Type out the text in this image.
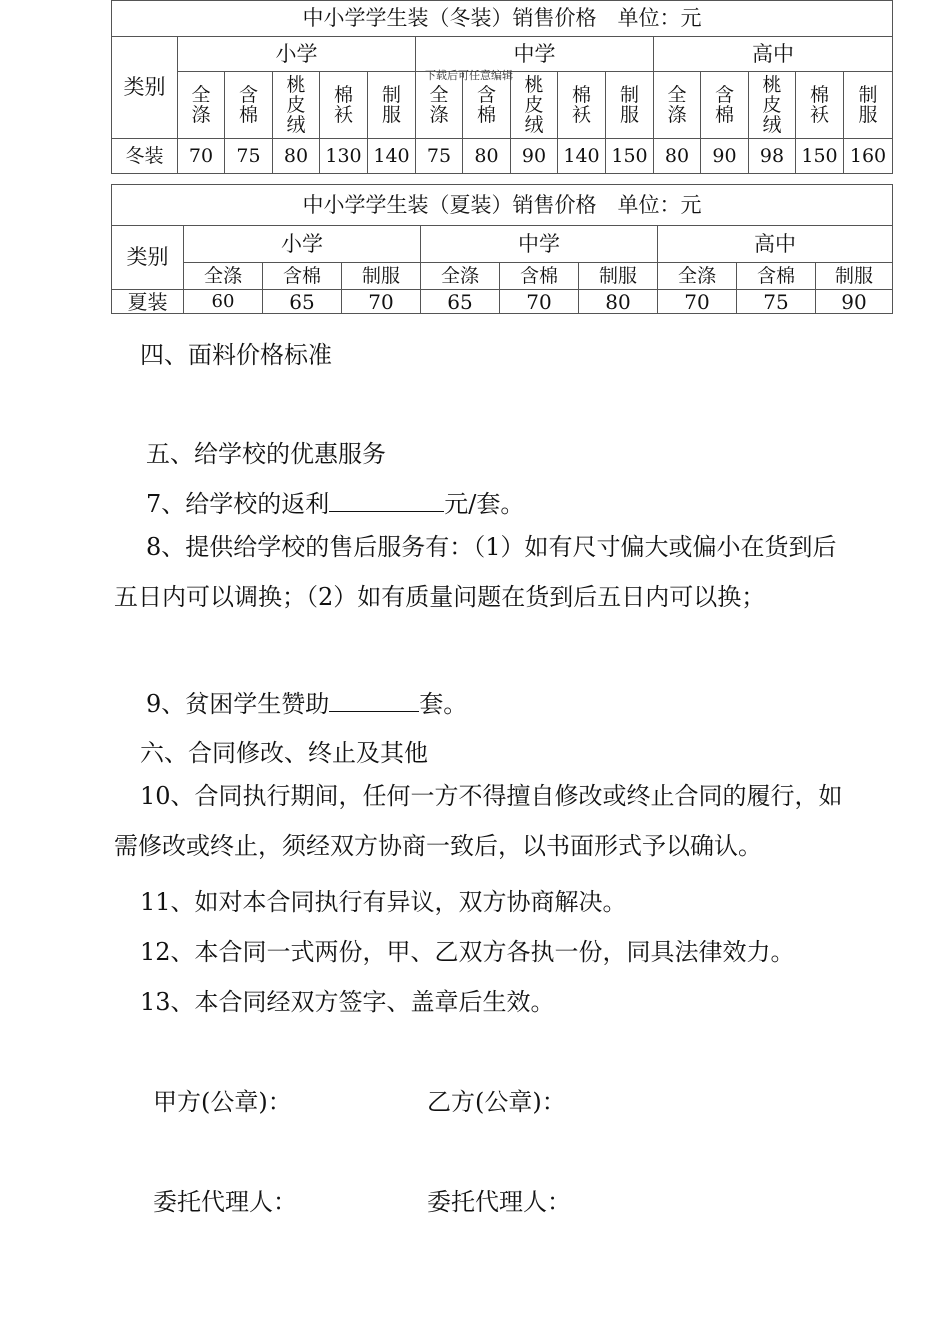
中小学学生装（冬装）销售价格　单位：元															
类别	小学					中学					高中				
	全涤	含棉	桃皮绒	棉袄	制服	全涤	含棉	桃皮绒	棉袄	制服	全涤	含棉	桃皮绒	棉袄	制服
冬装	70	75	80	130	140	75	80	90	140	150	80	90	98	150	160
下载后可任意编辑
中小学学生装（夏装）销售价格　单位：元									
类别	小学			中学			高中		
	全涤	含棉	制服	全涤	含棉	制服	全涤	含棉	制服
夏装	60	65	70	65	70	80	70	75	90

四、面料价格标准

五、给学校的优惠服务

7、给学校的返利	元/套。

8、提供给学校的售后服务有：（1）如有尺寸偏大或偏小在货到后五日内可以调换；（2）如有质量问题在货到后五日内可以换；

9、贫困学生赞助	套。

六、合同修改、终止及其他

10、合同执行期间，任何一方不得擅自修改或终止合同的履行，如需修改或终止，须经双方协商一致后，以书面形式予以确认。

11、如对本合同执行有异议，双方协商解决。

12、本合同一式两份，甲、乙双方各执一份，同具法律效力。

13、本合同经双方签字、盖章后生效。

甲方(公章)：	乙方(公章)：

委托代理人：	委托代理人：
